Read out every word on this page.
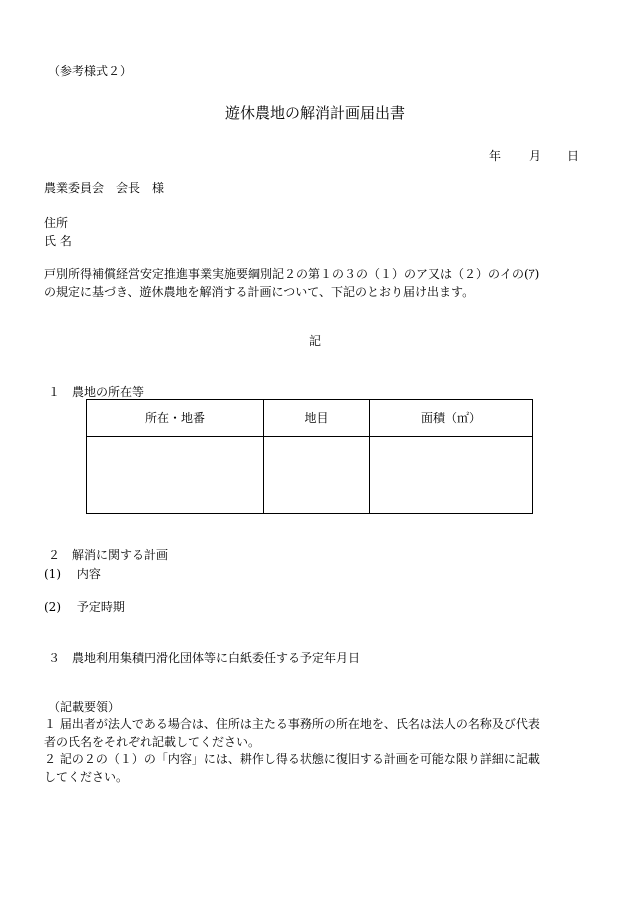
（参考様式２）
遊休農地の解消計画届出書
年 月 日
農業委員会　会長　様
住所
氏 名
戸別所得補償経営安定推進事業実施要綱別記２の第１の３の（１）のア又は（２）のイの(ｱ)
の規定に基づき、遊休農地を解消する計画について、下記のとおり届け出ます。
記
１　農地の所在等
所在・地番	地目	面積（㎡）

２　解消に関する計画
(1)　 内容
(2)　 予定時期
３　農地利用集積円滑化団体等に白紙委任する予定年月日
（記載要領）
１ 届出者が法人である場合は、住所は主たる事務所の所在地を、氏名は法人の名称及び代表
者の氏名をそれぞれ記載してください。
２ 記の２の（１）の「内容」には、耕作し得る状態に復旧する計画を可能な限り詳細に記載
してください。
